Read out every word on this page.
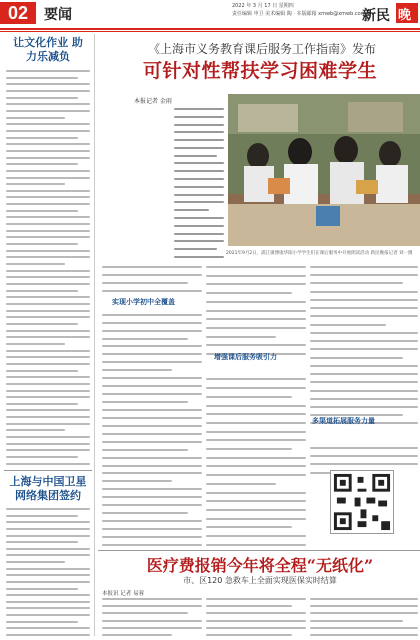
02	要闻
2022 年 3 月 17 日 星期四
责任编辑 申卫 美术编辑 陶 · 本版邮箱 xmwb@xmwb.com.cn
新民 晚
让文化作业 助力乐减负
上海与中国卫星网络集团签约
《上海市义务教育课后服务工作指南》发布
可针对性帮扶学习困难学生
本报记者 金雨
2021年9月2日，浦江镇博康华阳小学学生们在课后服务中开展朗读活动 新民晚报记者 刘一摄
实现小学初中全覆盖
增强课后服务吸引力
多渠道拓展服务力量
医疗费报销今年将全程“无纸化”
市、区120 急救车上全面实现医保实时结算
本报讯 记者 易蓉
